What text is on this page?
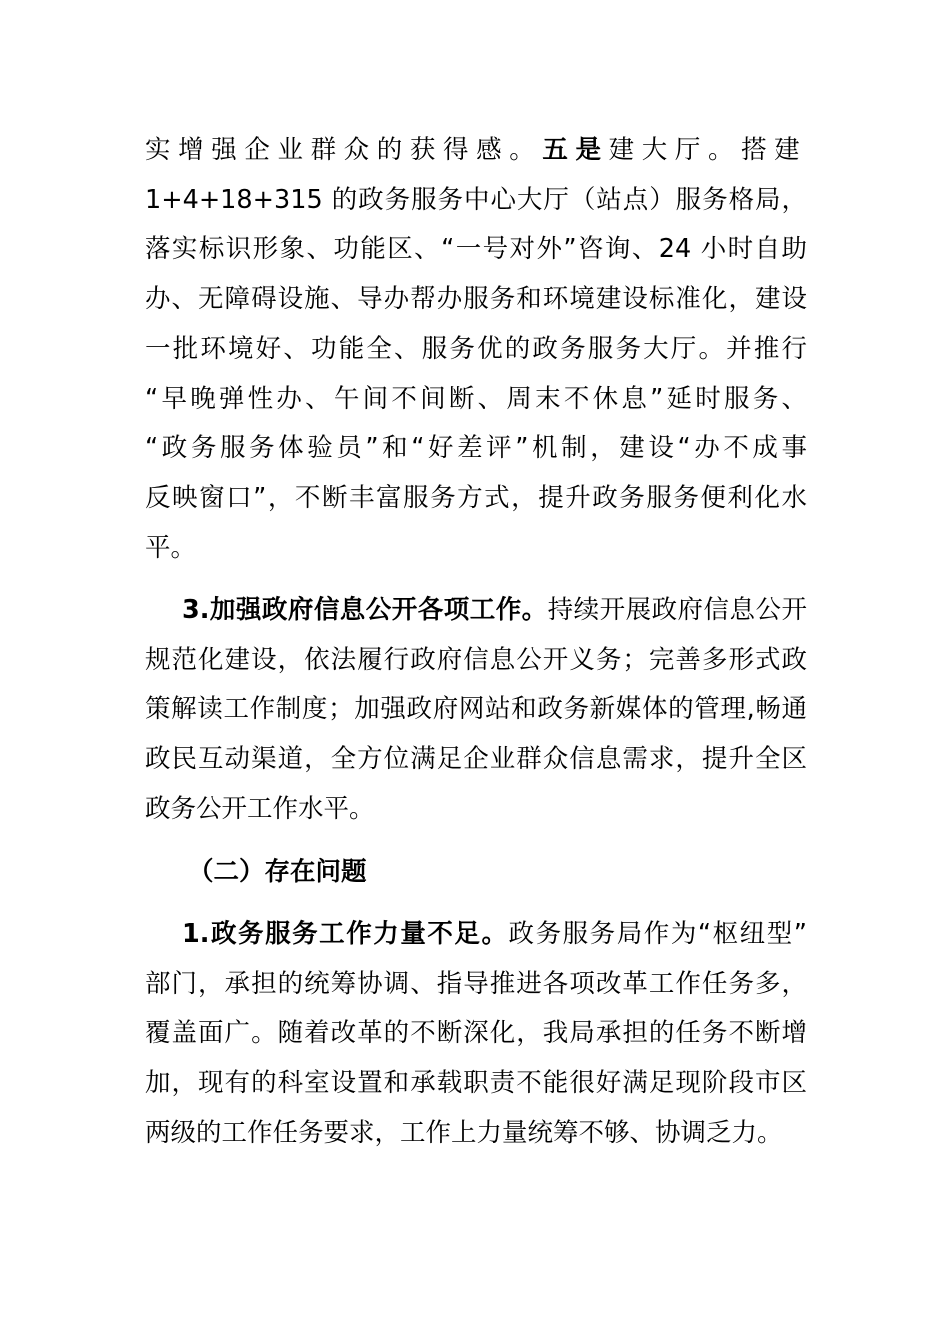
实增强企业群众的获得感。五是建大厅。搭建
1+4+18+315 的政务服务中心大厅（站点）服务格局，
落实标识形象、功能区、“一号对外”咨询、24 小时自助
办、无障碍设施、导办帮办服务和环境建设标准化，建设
一批环境好、功能全、服务优的政务服务大厅。并推行
“早晚弹性办、午间不间断、周末不休息”延时服务、
“政务服务体验员”和“好差评”机制，建设“办不成事
反映窗口”，不断丰富服务方式，提升政务服务便利化水
平。
3.加强政府信息公开各项工作。持续开展政府信息公开
规范化建设，依法履行政府信息公开义务；完善多形式政
策解读工作制度；加强政府网站和政务新媒体的管理,畅通
政民互动渠道，全方位满足企业群众信息需求，提升全区
政务公开工作水平。
（二）存在问题
1.政务服务工作力量不足。政务服务局作为“枢纽型”
部门，承担的统筹协调、指导推进各项改革工作任务多，
覆盖面广。随着改革的不断深化，我局承担的任务不断增
加，现有的科室设置和承载职责不能很好满足现阶段市区
两级的工作任务要求，工作上力量统筹不够、协调乏力。
